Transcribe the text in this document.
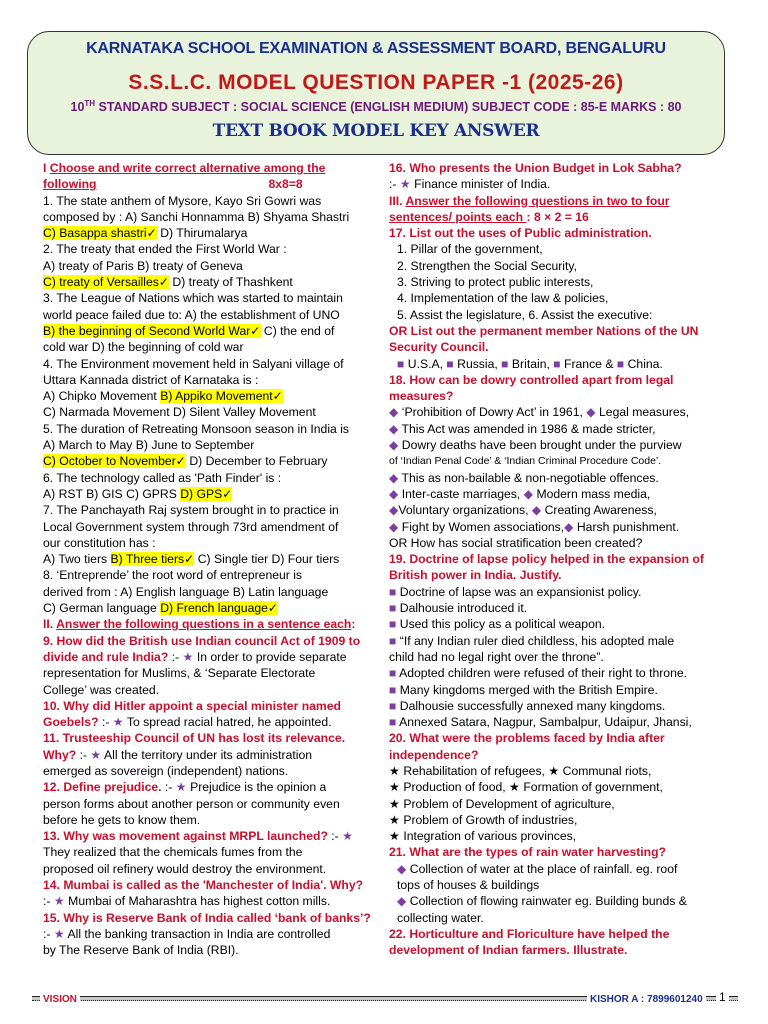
KARNATAKA SCHOOL EXAMINATION & ASSESSMENT BOARD, BENGALURU
S.S.L.C. MODEL QUESTION PAPER -1 (2025-26)
10TH STANDARD SUBJECT : SOCIAL SCIENCE (ENGLISH MEDIUM) SUBJECT CODE : 85-E MARKS : 80
TEXT BOOK MODEL KEY ANSWER
I Choose and write correct alternative among the
following	8x8=8
1. The state anthem of Mysore, Kayo Sri Gowri was
composed by : A) Sanchi Honnamma B) Shyama Shastri
C) Basappa shastri✓ D) Thirumalarya
2. The treaty that ended the First World War :
A) treaty of Paris B) treaty of Geneva
C) treaty of Versailles✓ D) treaty of Thashkent
3. The League of Nations which was started to maintain
world peace failed due to: A) the establishment of UNO
B) the beginning of Second World War✓ C) the end of
cold war D) the beginning of cold war
4. The Environment movement held in Salyani village of
Uttara Kannada district of Karnataka is :
A) Chipko Movement B) Appiko Movement✓
C) Narmada Movement D) Silent Valley Movement
5. The duration of Retreating Monsoon season in India is
A) March to May B) June to September
C) October to November✓ D) December to February
6. The technology called as 'Path Finder' is :
A) RST B) GIS C) GPRS D) GPS✓
7. The Panchayath Raj system brought in to practice in
Local Government system through 73rd amendment of
our constitution has :
A) Two tiers B) Three tiers✓ C) Single tier D) Four tiers
8. ‘Entreprende’ the root word of entrepreneur is
derived from : A) English language B) Latin language
C) German language D) French language✓
II. Answer the following questions in a sentence each:
9. How did the British use Indian council Act of 1909 to
divide and rule India? :- ★ In order to provide separate
representation for Muslims, & ‘Separate Electorate
College’ was created.
10. Why did Hitler appoint a special minister named
Goebels? :- ★ To spread racial hatred, he appointed.
11. Trusteeship Council of UN has lost its relevance.
Why? :- ★ All the territory under its administration
emerged as sovereign (independent) nations.
12. Define prejudice. :- ★ Prejudice is the opinion a
person forms about another person or community even
before he gets to know them.
13. Why was movement against MRPL launched? :- ★
They realized that the chemicals fumes from the
proposed oil refinery would destroy the environment.
14. Mumbai is called as the 'Manchester of India'. Why?
:- ★ Mumbai of Maharashtra has highest cotton mills.
15. Why is Reserve Bank of India called ‘bank of banks’?
:- ★ All the banking transaction in India are controlled
by The Reserve Bank of India (RBI).
16. Who presents the Union Budget in Lok Sabha?
:- ★ Finance minister of India.
III. Answer the following questions in two to four
sentences/ points each : 8 × 2 = 16
17. List out the uses of Public administration.
1. Pillar of the government,
2. Strengthen the Social Security,
3. Striving to protect public interests,
4. Implementation of the law & policies,
5. Assist the legislature, 6. Assist the executive:
OR List out the permanent member Nations of the UN
Security Council.
■ U.S.A, ■ Russia, ■ Britain, ■ France & ■ China.
18. How can be dowry controlled apart from legal
measures?
◆ ‘Prohibition of Dowry Act’ in 1961, ◆ Legal measures,
◆ This Act was amended in 1986 & made stricter,
◆ Dowry deaths have been brought under the purview
of ‘Indian Penal Code’ & ‘Indian Criminal Procedure Code’.
◆ This as non-bailable & non-negotiable offences.
◆ Inter-caste marriages, ◆ Modern mass media,
◆Voluntary organizations, ◆ Creating Awareness,
◆ Fight by Women associations,◆ Harsh punishment.
OR How has social stratification been created?
19. Doctrine of lapse policy helped in the expansion of
British power in India. Justify.
■ Doctrine of lapse was an expansionist policy.
■ Dalhousie introduced it.
■ Used this policy as a political weapon.
■ “If any Indian ruler died childless, his adopted male
child had no legal right over the throne”.
■ Adopted children were refused of their right to throne.
■ Many kingdoms merged with the British Empire.
■ Dalhousie successfully annexed many kingdoms.
■ Annexed Satara, Nagpur, Sambalpur, Udaipur, Jhansi,
20. What were the problems faced by India after
independence?
★ Rehabilitation of refugees, ★ Communal riots,
★ Production of food, ★ Formation of government,
★ Problem of Development of agriculture,
★ Problem of Growth of industries,
★ Integration of various provinces,
21. What are the types of rain water harvesting?
◆ Collection of water at the place of rainfall. eg. roof
tops of houses & buildings
◆ Collection of flowing rainwater eg. Building bunds &
collecting water.
22. Horticulture and Floriculture have helped the
development of Indian farmers. Illustrate.
VISION	KISHOR A : 7899601240 1
